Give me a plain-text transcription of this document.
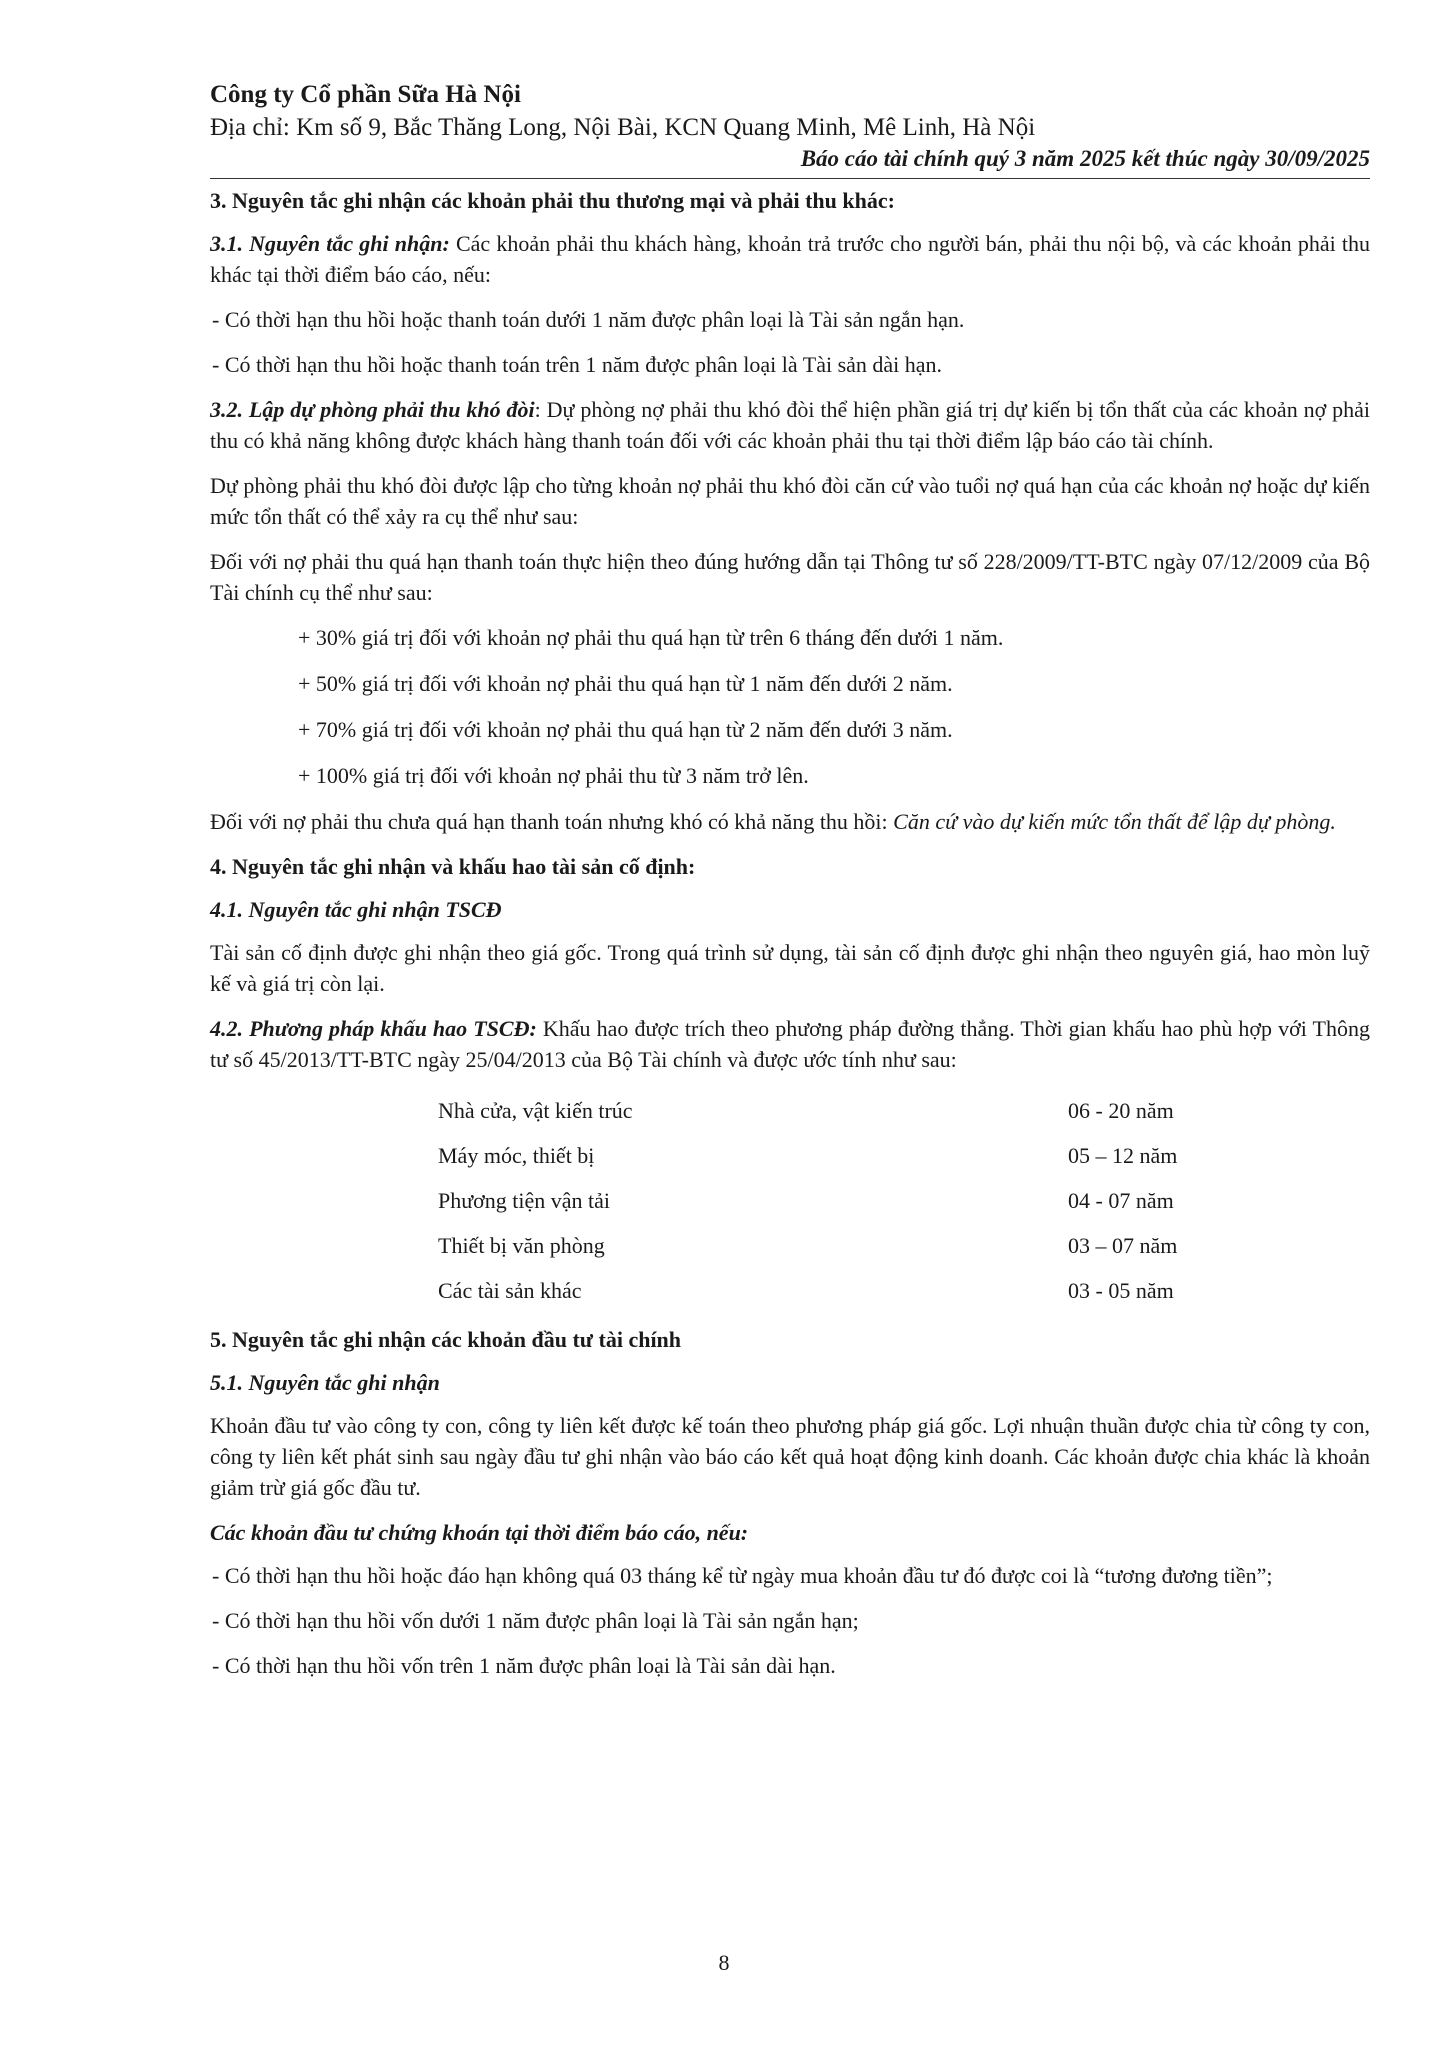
Công ty Cổ phần Sữa Hà Nội
Địa chỉ: Km số 9, Bắc Thăng Long, Nội Bài, KCN Quang Minh, Mê Linh, Hà Nội
Báo cáo tài chính quý 3 năm 2025 kết thúc ngày 30/09/2025
3. Nguyên tắc ghi nhận các khoản phải thu thương mại và phải thu khác:

3.1. Nguyên tắc ghi nhận: Các khoản phải thu khách hàng, khoản trả trước cho người bán, phải thu nội bộ, và các khoản phải thu khác tại thời điểm báo cáo, nếu:

- Có thời hạn thu hồi hoặc thanh toán dưới 1 năm được phân loại là Tài sản ngắn hạn.
- Có thời hạn thu hồi hoặc thanh toán trên 1 năm được phân loại là Tài sản dài hạn.

3.2. Lập dự phòng phải thu khó đòi: Dự phòng nợ phải thu khó đòi thể hiện phần giá trị dự kiến bị tổn thất của các khoản nợ phải thu có khả năng không được khách hàng thanh toán đối với các khoản phải thu tại thời điểm lập báo cáo tài chính.

Dự phòng phải thu khó đòi được lập cho từng khoản nợ phải thu khó đòi căn cứ vào tuổi nợ quá hạn của các khoản nợ hoặc dự kiến mức tổn thất có thể xảy ra cụ thể như sau:

Đối với nợ phải thu quá hạn thanh toán thực hiện theo đúng hướng dẫn tại Thông tư số 228/2009/TT-BTC ngày 07/12/2009 của Bộ Tài chính cụ thể như sau:

+ 30% giá trị đối với khoản nợ phải thu quá hạn từ trên 6 tháng đến dưới 1 năm.
+ 50% giá trị đối với khoản nợ phải thu quá hạn từ 1 năm đến dưới 2 năm.
+ 70% giá trị đối với khoản nợ phải thu quá hạn từ 2 năm đến dưới 3 năm.
+ 100% giá trị đối với khoản nợ phải thu từ 3 năm trở lên.

Đối với nợ phải thu chưa quá hạn thanh toán nhưng khó có khả năng thu hồi: Căn cứ vào dự kiến mức tổn thất để lập dự phòng.

4. Nguyên tắc ghi nhận và khấu hao tài sản cố định:
4.1. Nguyên tắc ghi nhận TSCĐ

Tài sản cố định được ghi nhận theo giá gốc. Trong quá trình sử dụng, tài sản cố định được ghi nhận theo nguyên giá, hao mòn luỹ kế và giá trị còn lại.

4.2. Phương pháp khấu hao TSCĐ: Khấu hao được trích theo phương pháp đường thẳng. Thời gian khấu hao phù hợp với Thông tư số 45/2013/TT-BTC ngày 25/04/2013 của Bộ Tài chính và được ước tính như sau:

Nhà cửa, vật kiến trúc	06 - 20 năm
Máy móc, thiết bị	05 – 12 năm
Phương tiện vận tải	04 - 07 năm
Thiết bị văn phòng	03 – 07 năm
Các tài sản khác	03 - 05 năm
5. Nguyên tắc ghi nhận các khoản đầu tư tài chính
5.1. Nguyên tắc ghi nhận

Khoản đầu tư vào công ty con, công ty liên kết được kế toán theo phương pháp giá gốc. Lợi nhuận thuần được chia từ công ty con, công ty liên kết phát sinh sau ngày đầu tư ghi nhận vào báo cáo kết quả hoạt động kinh doanh. Các khoản được chia khác là khoản giảm trừ giá gốc đầu tư.

Các khoản đầu tư chứng khoán tại thời điểm báo cáo, nếu:
- Có thời hạn thu hồi hoặc đáo hạn không quá 03 tháng kể từ ngày mua khoản đầu tư đó được coi là “tương đương tiền”;
- Có thời hạn thu hồi vốn dưới 1 năm được phân loại là Tài sản ngắn hạn;
- Có thời hạn thu hồi vốn trên 1 năm được phân loại là Tài sản dài hạn.
8
